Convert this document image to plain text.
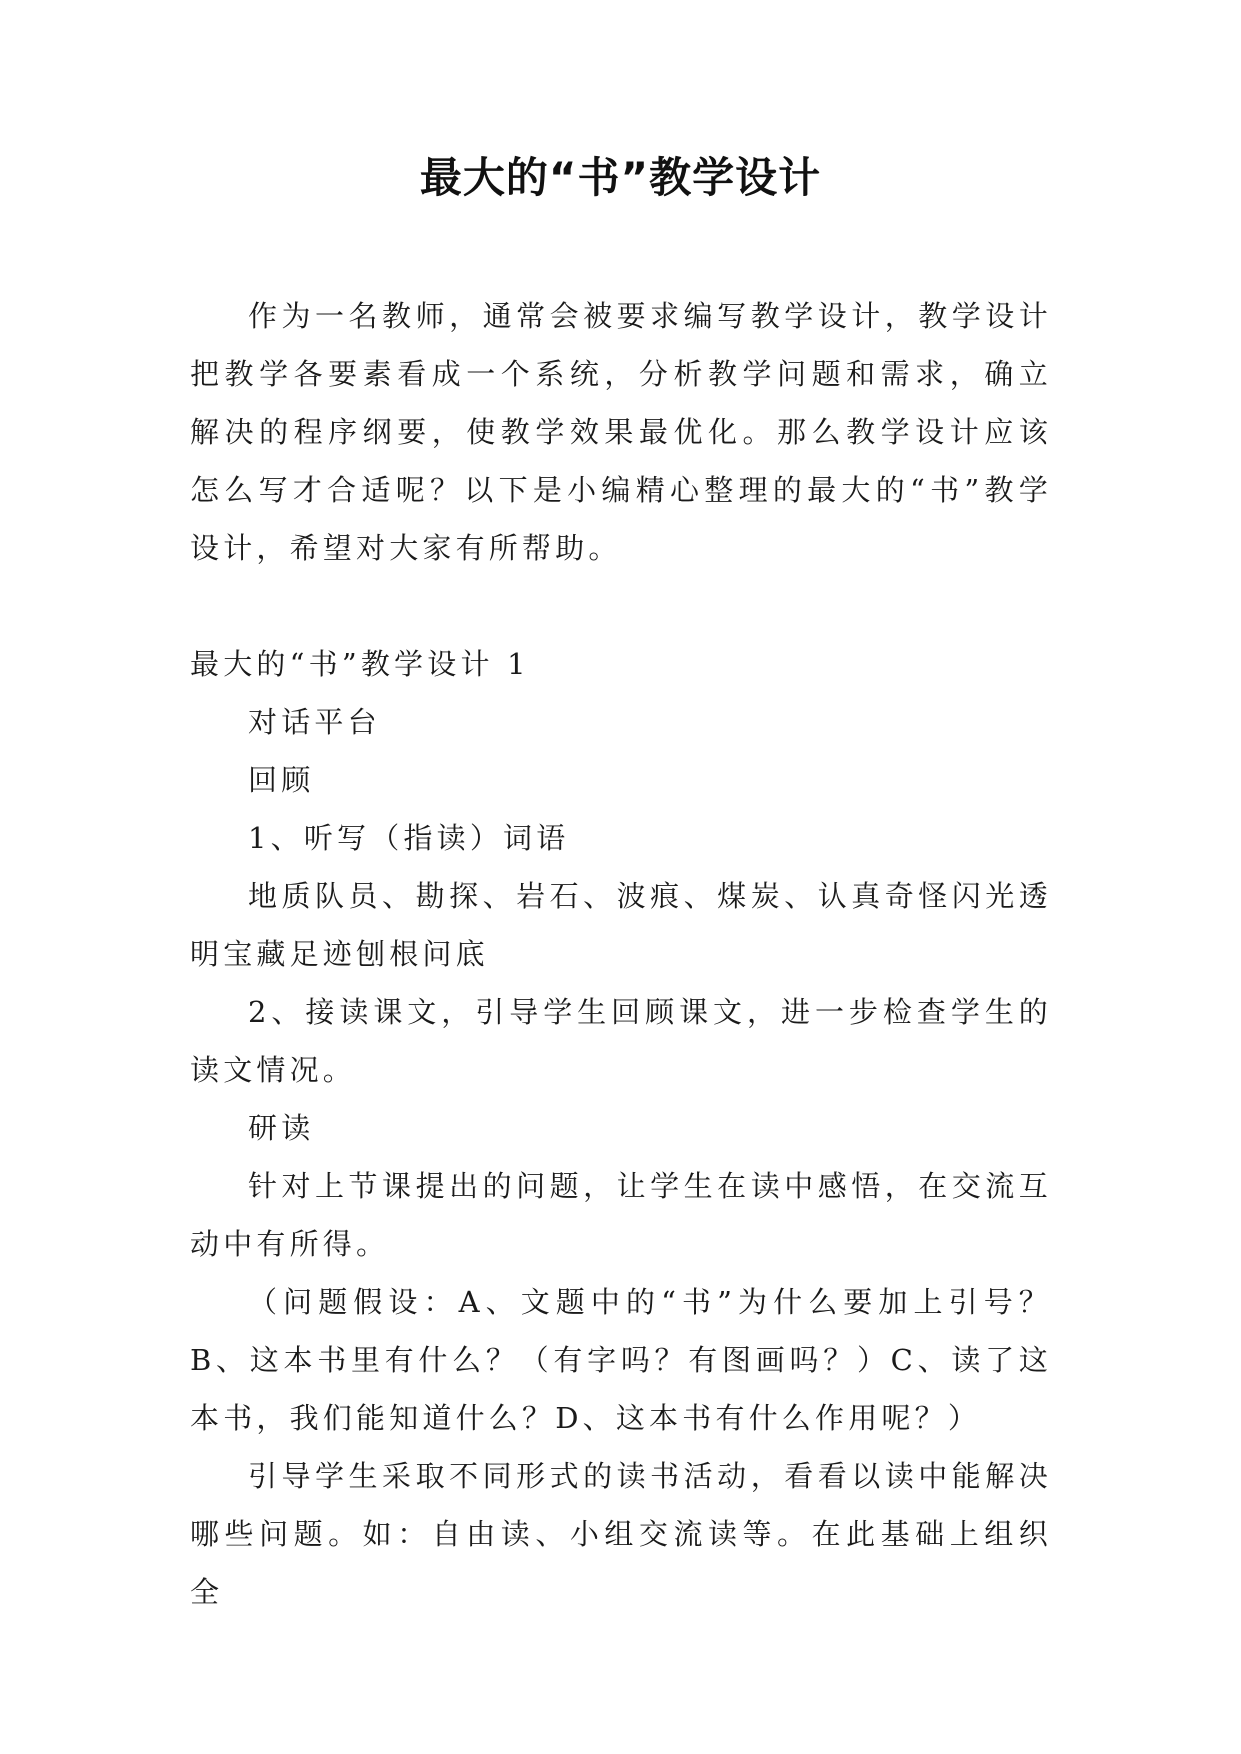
最大的“书”教学设计

作为一名教师，通常会被要求编写教学设计，教学设计把教学各要素看成一个系统，分析教学问题和需求，确立解决的程序纲要，使教学效果最优化。那么教学设计应该怎么写才合适呢？以下是小编精心整理的最大的“书”教学设计，希望对大家有所帮助。

最大的“书”教学设计 1

对话平台

回顾

1、听写（指读）词语

地质队员、勘探、岩石、波痕、煤炭、认真奇怪闪光透明宝藏足迹刨根问底

2、接读课文，引导学生回顾课文，进一步检查学生的读文情况。

研读

针对上节课提出的问题，让学生在读中感悟，在交流互动中有所得。

（问题假设：A、文题中的“书”为什么要加上引号？B、这本书里有什么？（有字吗？有图画吗？）C、读了这本书，我们能知道什么？D、这本书有什么作用呢？）

引导学生采取不同形式的读书活动，看看以读中能解决哪些问题。如：自由读、小组交流读等。在此基础上组织全
